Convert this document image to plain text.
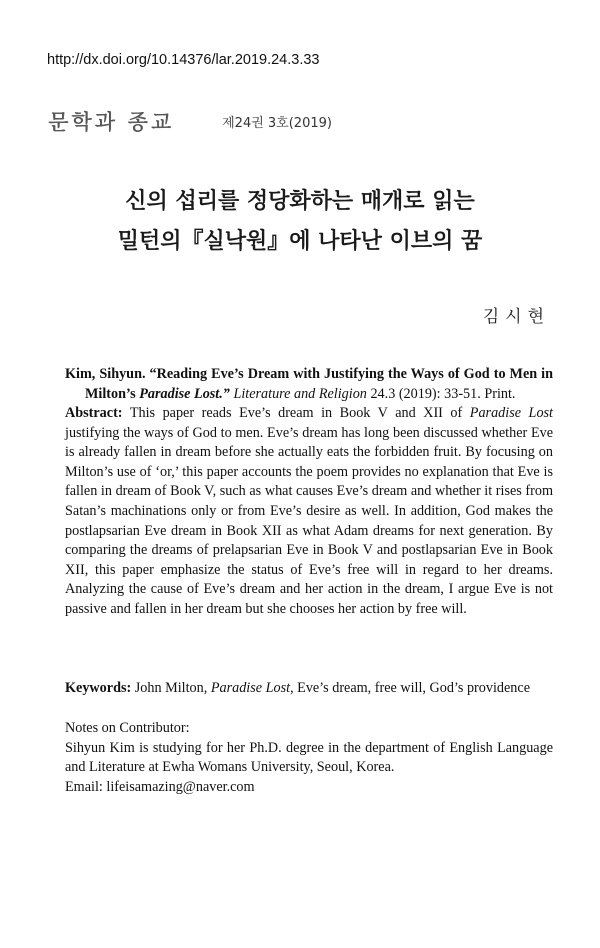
http://dx.doi.org/10.14376/lar.2019.24.3.33
문학과 종교	제24권 3호(2019)
신의 섭리를 정당화하는 매개로 읽는
밀턴의『실낙원』에 나타난 이브의 꿈
김시현
Kim, Sihyun. “Reading Eve’s Dream with Justifying the Ways of God to Men in
Milton’s Paradise Lost.” Literature and Religion 24.3 (2019): 33-51. Print.
Abstract: This paper reads Eve’s dream in Book V and XII of Paradise Lost justifying the ways of God to men. Eve’s dream has long been discussed whether Eve is already fallen in dream before she actually eats the forbidden fruit. By focusing on Milton’s use of ‘or,’ this paper accounts the poem provides no explanation that Eve is fallen in dream of Book V, such as what causes Eve’s dream and whether it rises from Satan’s machinations only or from Eve’s desire as well. In addition, God makes the postlapsarian Eve dream in Book XII as what Adam dreams for next generation. By comparing the dreams of prelapsarian Eve in Book V and postlapsarian Eve in Book XII, this paper emphasize the status of Eve’s free will in regard to her dreams. Analyzing the cause of Eve’s dream and her action in the dream, I argue Eve is not passive and fallen in her dream but she chooses her action by free will.
Keywords: John Milton, Paradise Lost, Eve’s dream, free will, God’s providence
Notes on Contributor:
Sihyun Kim is studying for her Ph.D. degree in the department of English Language and Literature at Ewha Womans University, Seoul, Korea.
Email: lifeisamazing@naver.com
